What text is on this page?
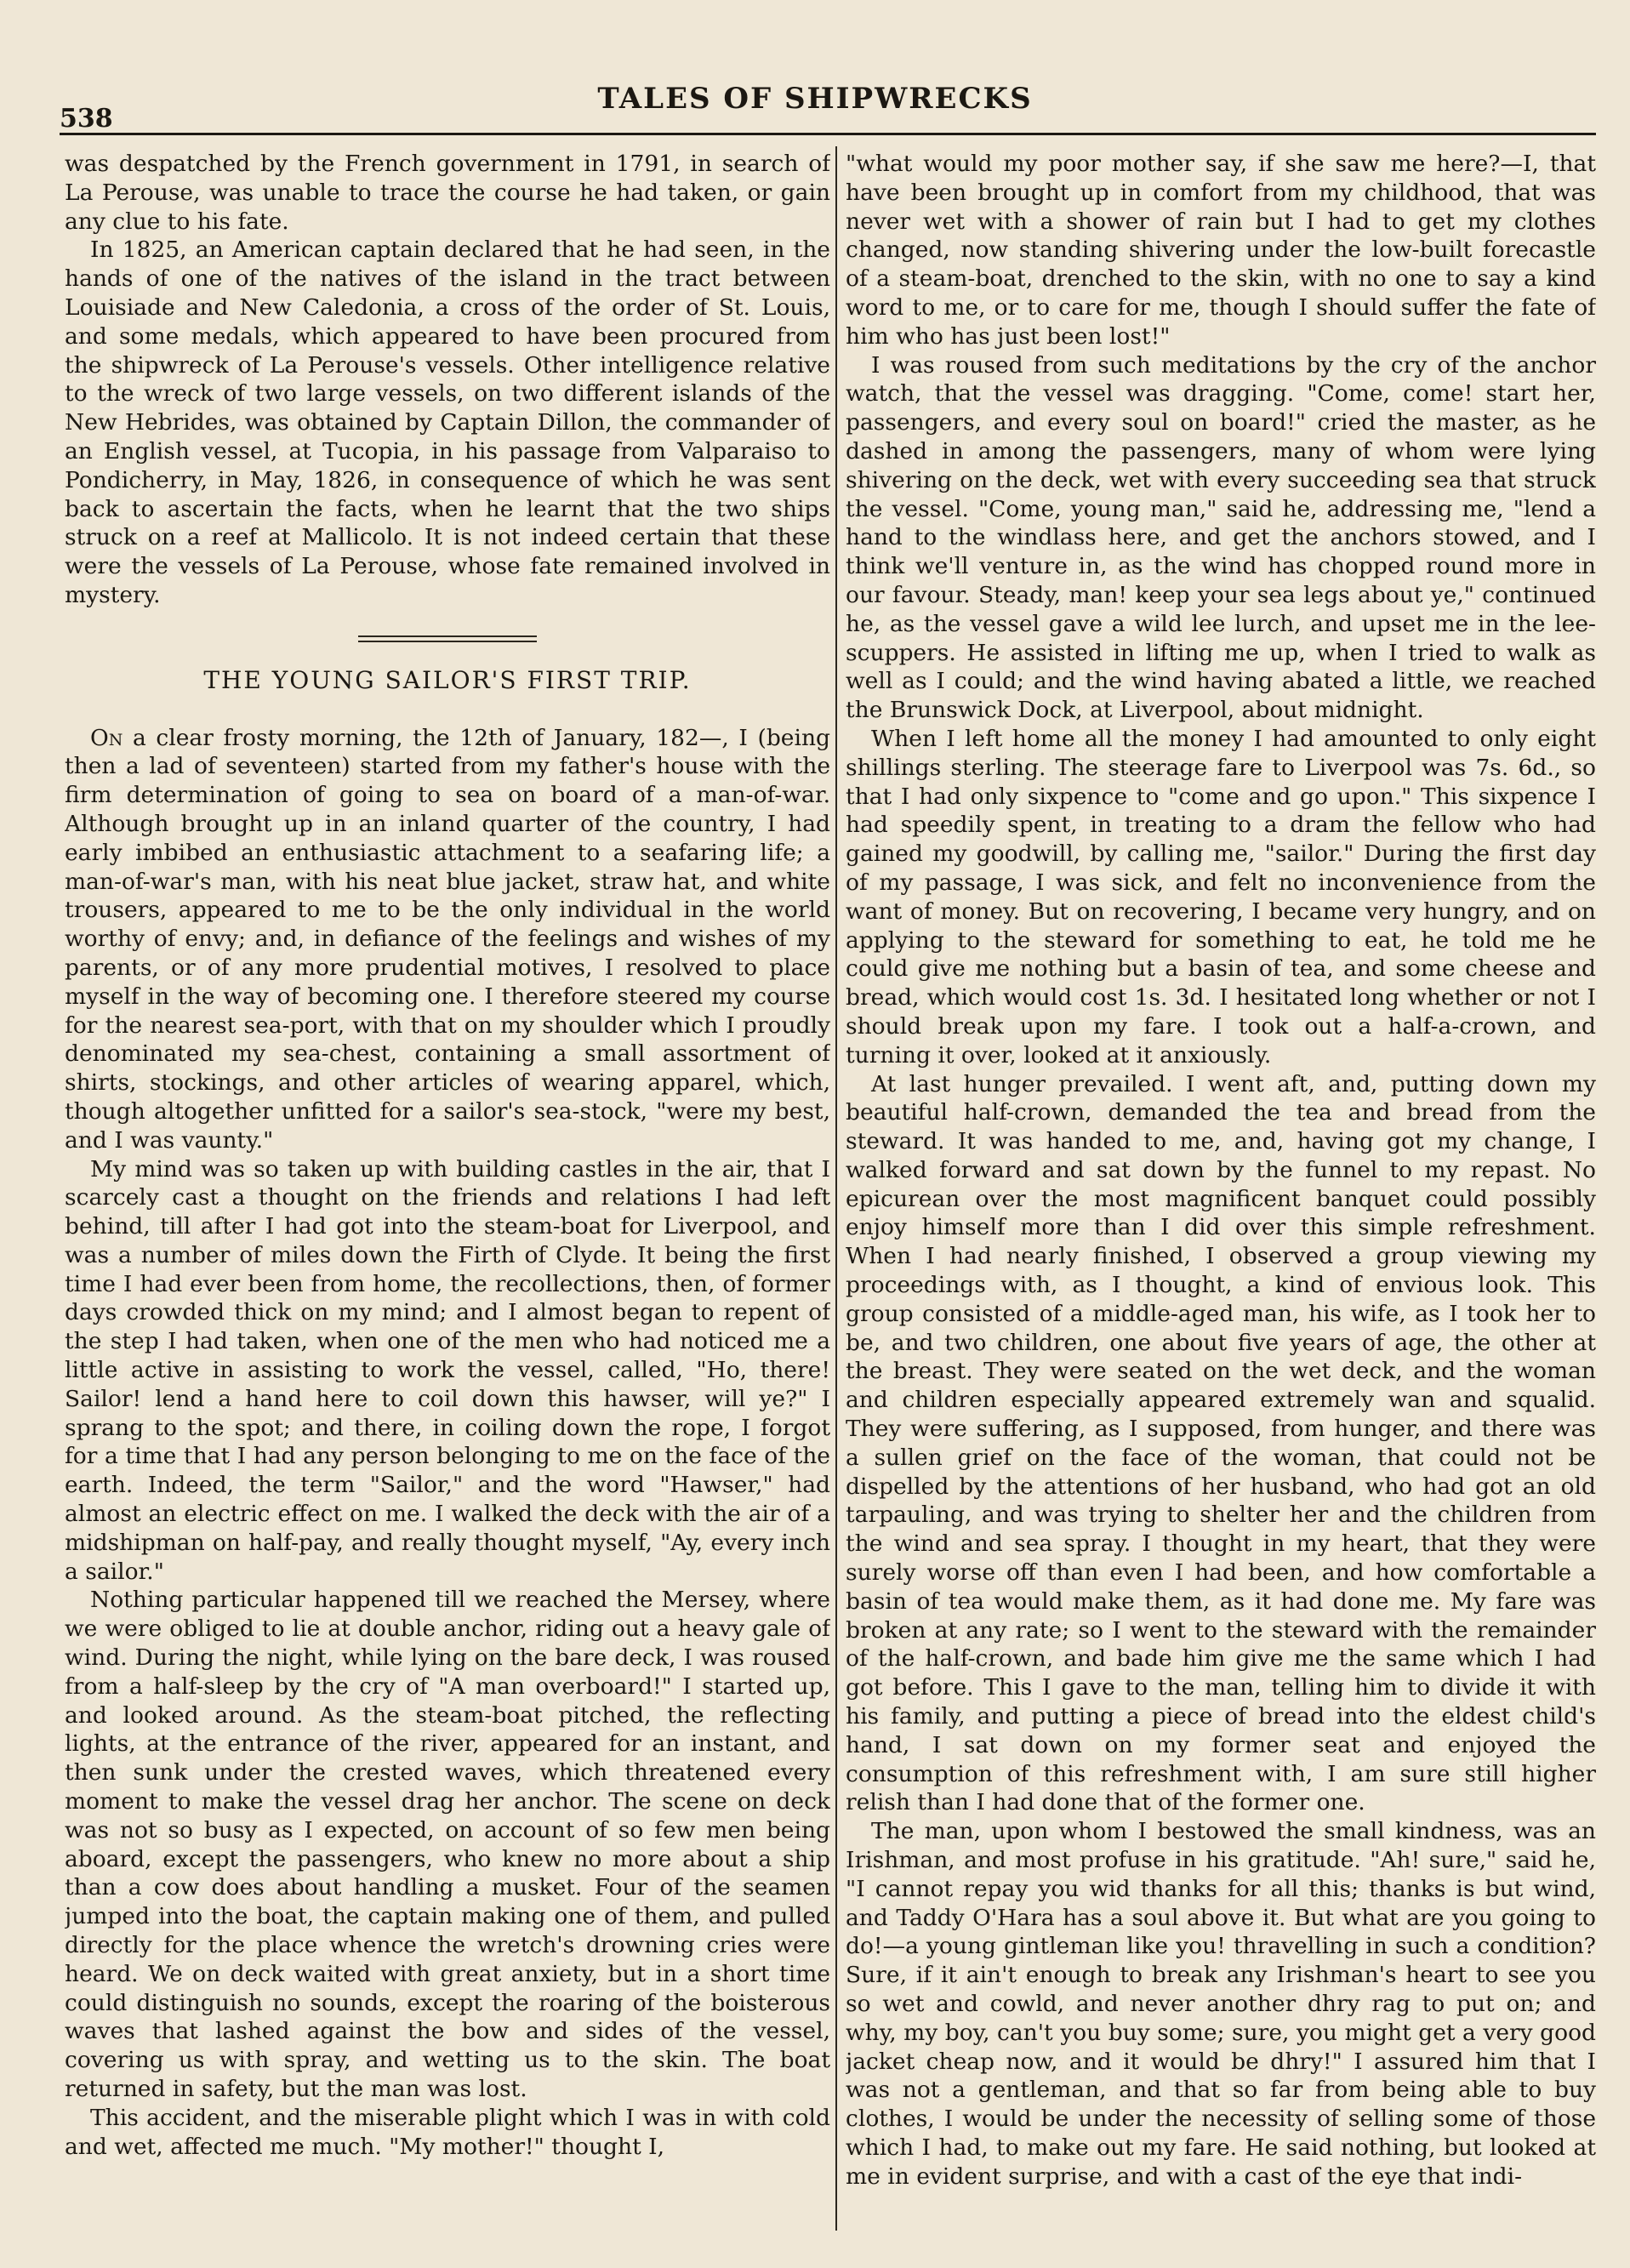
538
TALES OF SHIPWRECKS

was despatched by the French government in 1791, in search of La Perouse, was unable to trace the course he had taken, or gain any clue to his fate.

In 1825, an American captain declared that he had seen, in the hands of one of the natives of the island in the tract between Louisiade and New Caledonia, a cross of the order of St. Louis, and some medals, which appeared to have been procured from the shipwreck of La Perouse's vessels. Other intelligence relative to the wreck of two large vessels, on two different islands of the New Hebrides, was obtained by Captain Dillon, the commander of an English vessel, at Tucopia, in his passage from Valparaiso to Pondicherry, in May, 1826, in consequence of which he was sent back to ascertain the facts, when he learnt that the two ships struck on a reef at Mallicolo. It is not indeed certain that these were the vessels of La Perouse, whose fate remained involved in mystery.

THE YOUNG SAILOR'S FIRST TRIP.

On a clear frosty morning, the 12th of January, 182—, I (being then a lad of seventeen) started from my father's house with the firm determination of going to sea on board of a man-of-war. Although brought up in an inland quarter of the country, I had early imbibed an enthusiastic attachment to a seafaring life; a man-of-war's man, with his neat blue jacket, straw hat, and white trousers, appeared to me to be the only individual in the world worthy of envy; and, in defiance of the feelings and wishes of my parents, or of any more prudential motives, I resolved to place myself in the way of becoming one. I therefore steered my course for the nearest sea-port, with that on my shoulder which I proudly denominated my sea-chest, containing a small assortment of shirts, stockings, and other articles of wearing apparel, which, though altogether unfitted for a sailor's sea-stock, "were my best, and I was vaunty."

My mind was so taken up with building castles in the air, that I scarcely cast a thought on the friends and relations I had left behind, till after I had got into the steam-boat for Liverpool, and was a number of miles down the Firth of Clyde. It being the first time I had ever been from home, the recollections, then, of former days crowded thick on my mind; and I almost began to repent of the step I had taken, when one of the men who had noticed me a little active in assisting to work the vessel, called, "Ho, there! Sailor! lend a hand here to coil down this hawser, will ye?" I sprang to the spot; and there, in coiling down the rope, I forgot for a time that I had any person belonging to me on the face of the earth. Indeed, the term "Sailor," and the word "Hawser," had almost an electric effect on me. I walked the deck with the air of a midshipman on half-pay, and really thought myself, "Ay, every inch a sailor."

Nothing particular happened till we reached the Mersey, where we were obliged to lie at double anchor, riding out a heavy gale of wind. During the night, while lying on the bare deck, I was roused from a half-sleep by the cry of "A man overboard!" I started up, and looked around. As the steam-boat pitched, the reflecting lights, at the entrance of the river, appeared for an instant, and then sunk under the crested waves, which threatened every moment to make the vessel drag her anchor. The scene on deck was not so busy as I expected, on account of so few men being aboard, except the passengers, who knew no more about a ship than a cow does about handling a musket. Four of the seamen jumped into the boat, the captain making one of them, and pulled directly for the place whence the wretch's drowning cries were heard. We on deck waited with great anxiety, but in a short time could distinguish no sounds, except the roaring of the boisterous waves that lashed against the bow and sides of the vessel, covering us with spray, and wetting us to the skin. The boat returned in safety, but the man was lost.

This accident, and the miserable plight which I was in with cold and wet, affected me much. "My mother!" thought I,

"what would my poor mother say, if she saw me here?—I, that have been brought up in comfort from my childhood, that was never wet with a shower of rain but I had to get my clothes changed, now standing shivering under the low-built forecastle of a steam-boat, drenched to the skin, with no one to say a kind word to me, or to care for me, though I should suffer the fate of him who has just been lost!"

I was roused from such meditations by the cry of the anchor watch, that the vessel was dragging. "Come, come! start her, passengers, and every soul on board!" cried the master, as he dashed in among the passengers, many of whom were lying shivering on the deck, wet with every succeeding sea that struck the vessel. "Come, young man," said he, addressing me, "lend a hand to the windlass here, and get the anchors stowed, and I think we'll venture in, as the wind has chopped round more in our favour. Steady, man! keep your sea legs about ye," continued he, as the vessel gave a wild lee lurch, and upset me in the lee-scuppers. He assisted in lifting me up, when I tried to walk as well as I could; and the wind having abated a little, we reached the Brunswick Dock, at Liverpool, about midnight.

When I left home all the money I had amounted to only eight shillings sterling. The steerage fare to Liverpool was 7s. 6d., so that I had only sixpence to "come and go upon." This sixpence I had speedily spent, in treating to a dram the fellow who had gained my goodwill, by calling me, "sailor." During the first day of my passage, I was sick, and felt no inconvenience from the want of money. But on recovering, I became very hungry, and on applying to the steward for something to eat, he told me he could give me nothing but a basin of tea, and some cheese and bread, which would cost 1s. 3d. I hesitated long whether or not I should break upon my fare. I took out a half-a-crown, and turning it over, looked at it anxiously.

At last hunger prevailed. I went aft, and, putting down my beautiful half-crown, demanded the tea and bread from the steward. It was handed to me, and, having got my change, I walked forward and sat down by the funnel to my repast. No epicurean over the most magnificent banquet could possibly enjoy himself more than I did over this simple refreshment. When I had nearly finished, I observed a group viewing my proceedings with, as I thought, a kind of envious look. This group consisted of a middle-aged man, his wife, as I took her to be, and two children, one about five years of age, the other at the breast. They were seated on the wet deck, and the woman and children especially appeared extremely wan and squalid. They were suffering, as I supposed, from hunger, and there was a sullen grief on the face of the woman, that could not be dispelled by the attentions of her husband, who had got an old tarpauling, and was trying to shelter her and the children from the wind and sea spray. I thought in my heart, that they were surely worse off than even I had been, and how comfortable a basin of tea would make them, as it had done me. My fare was broken at any rate; so I went to the steward with the remainder of the half-crown, and bade him give me the same which I had got before. This I gave to the man, telling him to divide it with his family, and putting a piece of bread into the eldest child's hand, I sat down on my former seat and enjoyed the consumption of this refreshment with, I am sure still higher relish than I had done that of the former one.

The man, upon whom I bestowed the small kindness, was an Irishman, and most profuse in his gratitude. "Ah! sure," said he, "I cannot repay you wid thanks for all this; thanks is but wind, and Taddy O'Hara has a soul above it. But what are you going to do!—a young gintleman like you! thravelling in such a condition? Sure, if it ain't enough to break any Irishman's heart to see you so wet and cowld, and never another dhry rag to put on; and why, my boy, can't you buy some; sure, you might get a very good jacket cheap now, and it would be dhry!" I assured him that I was not a gentleman, and that so far from being able to buy clothes, I would be under the necessity of selling some of those which I had, to make out my fare. He said nothing, but looked at me in evident surprise, and with a cast of the eye that indi-
